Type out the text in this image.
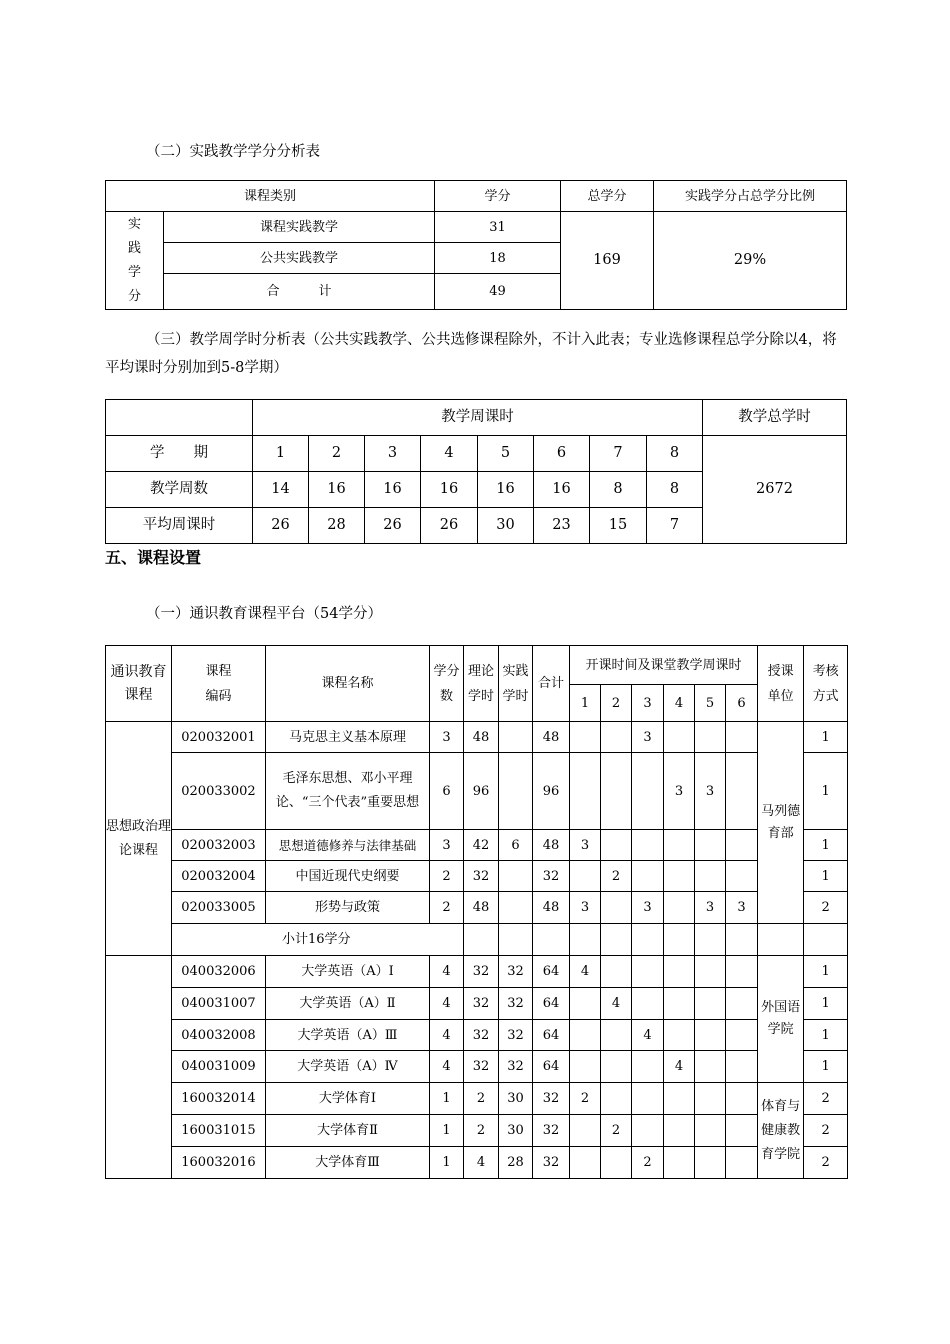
（二）实践教学学分分析表
课程类别		学分	总学分	实践学分占总学分比例

实
践
学
分	课程实践教学	31	169	29%
	公共实践教学	18		
	合　　　计	49		
（三）教学周学时分析表（公共实践教学、公共选修课程除外，不计入此表；专业选修课程总学分除以4，将平均课时分别加到5-8学期）
	教学周课时								教学总学时
学　　期	1	2	3	4	5	6	7	8	2672
教学周数	14	16	16	16	16	16	8	8	
平均周课时	26	28	26	26	30	23	15	7	
五、课程设置
（一）通识教育课程平台（54学分）
通识教育课程	课程编码	课程名称	学分数	理论学时	实践学时	合计	开课时间及课堂教学周课时						授课单位	考核方式	
							1	2	3	4	5	6			
思想政治理论课程	020032001	马克思主义基本原理	3	48		48			3				马列德育部	1	
	020033002	毛泽东思想、邓小平理论、“三个代表”重要思想	6	96		96				3	3			1	
	020032003	思想道德修养与法律基础	3	42	6	48	3							1	
	020032004	中国近现代史纲要	2	32		32		2						1	
	020033005	形势与政策	2	48		48	3		3		3	3		2	
	小计16学分														
	040032006	大学英语（A）Ⅰ	4	32	32	64	4						外国语学院	1	
	040031007	大学英语（A）Ⅱ	4	32	32	64		4						1	
	040032008	大学英语（A）Ⅲ	4	32	32	64			4					1	
	040031009	大学英语（A）Ⅳ	4	32	32	64				4				1	
	160032014	大学体育Ⅰ	1	2	30	32	2						体育与健康教育学院	2	
	160031015	大学体育Ⅱ	1	2	30	32		2						2	
	160032016	大学体育Ⅲ	1	4	28	32			2					2	
